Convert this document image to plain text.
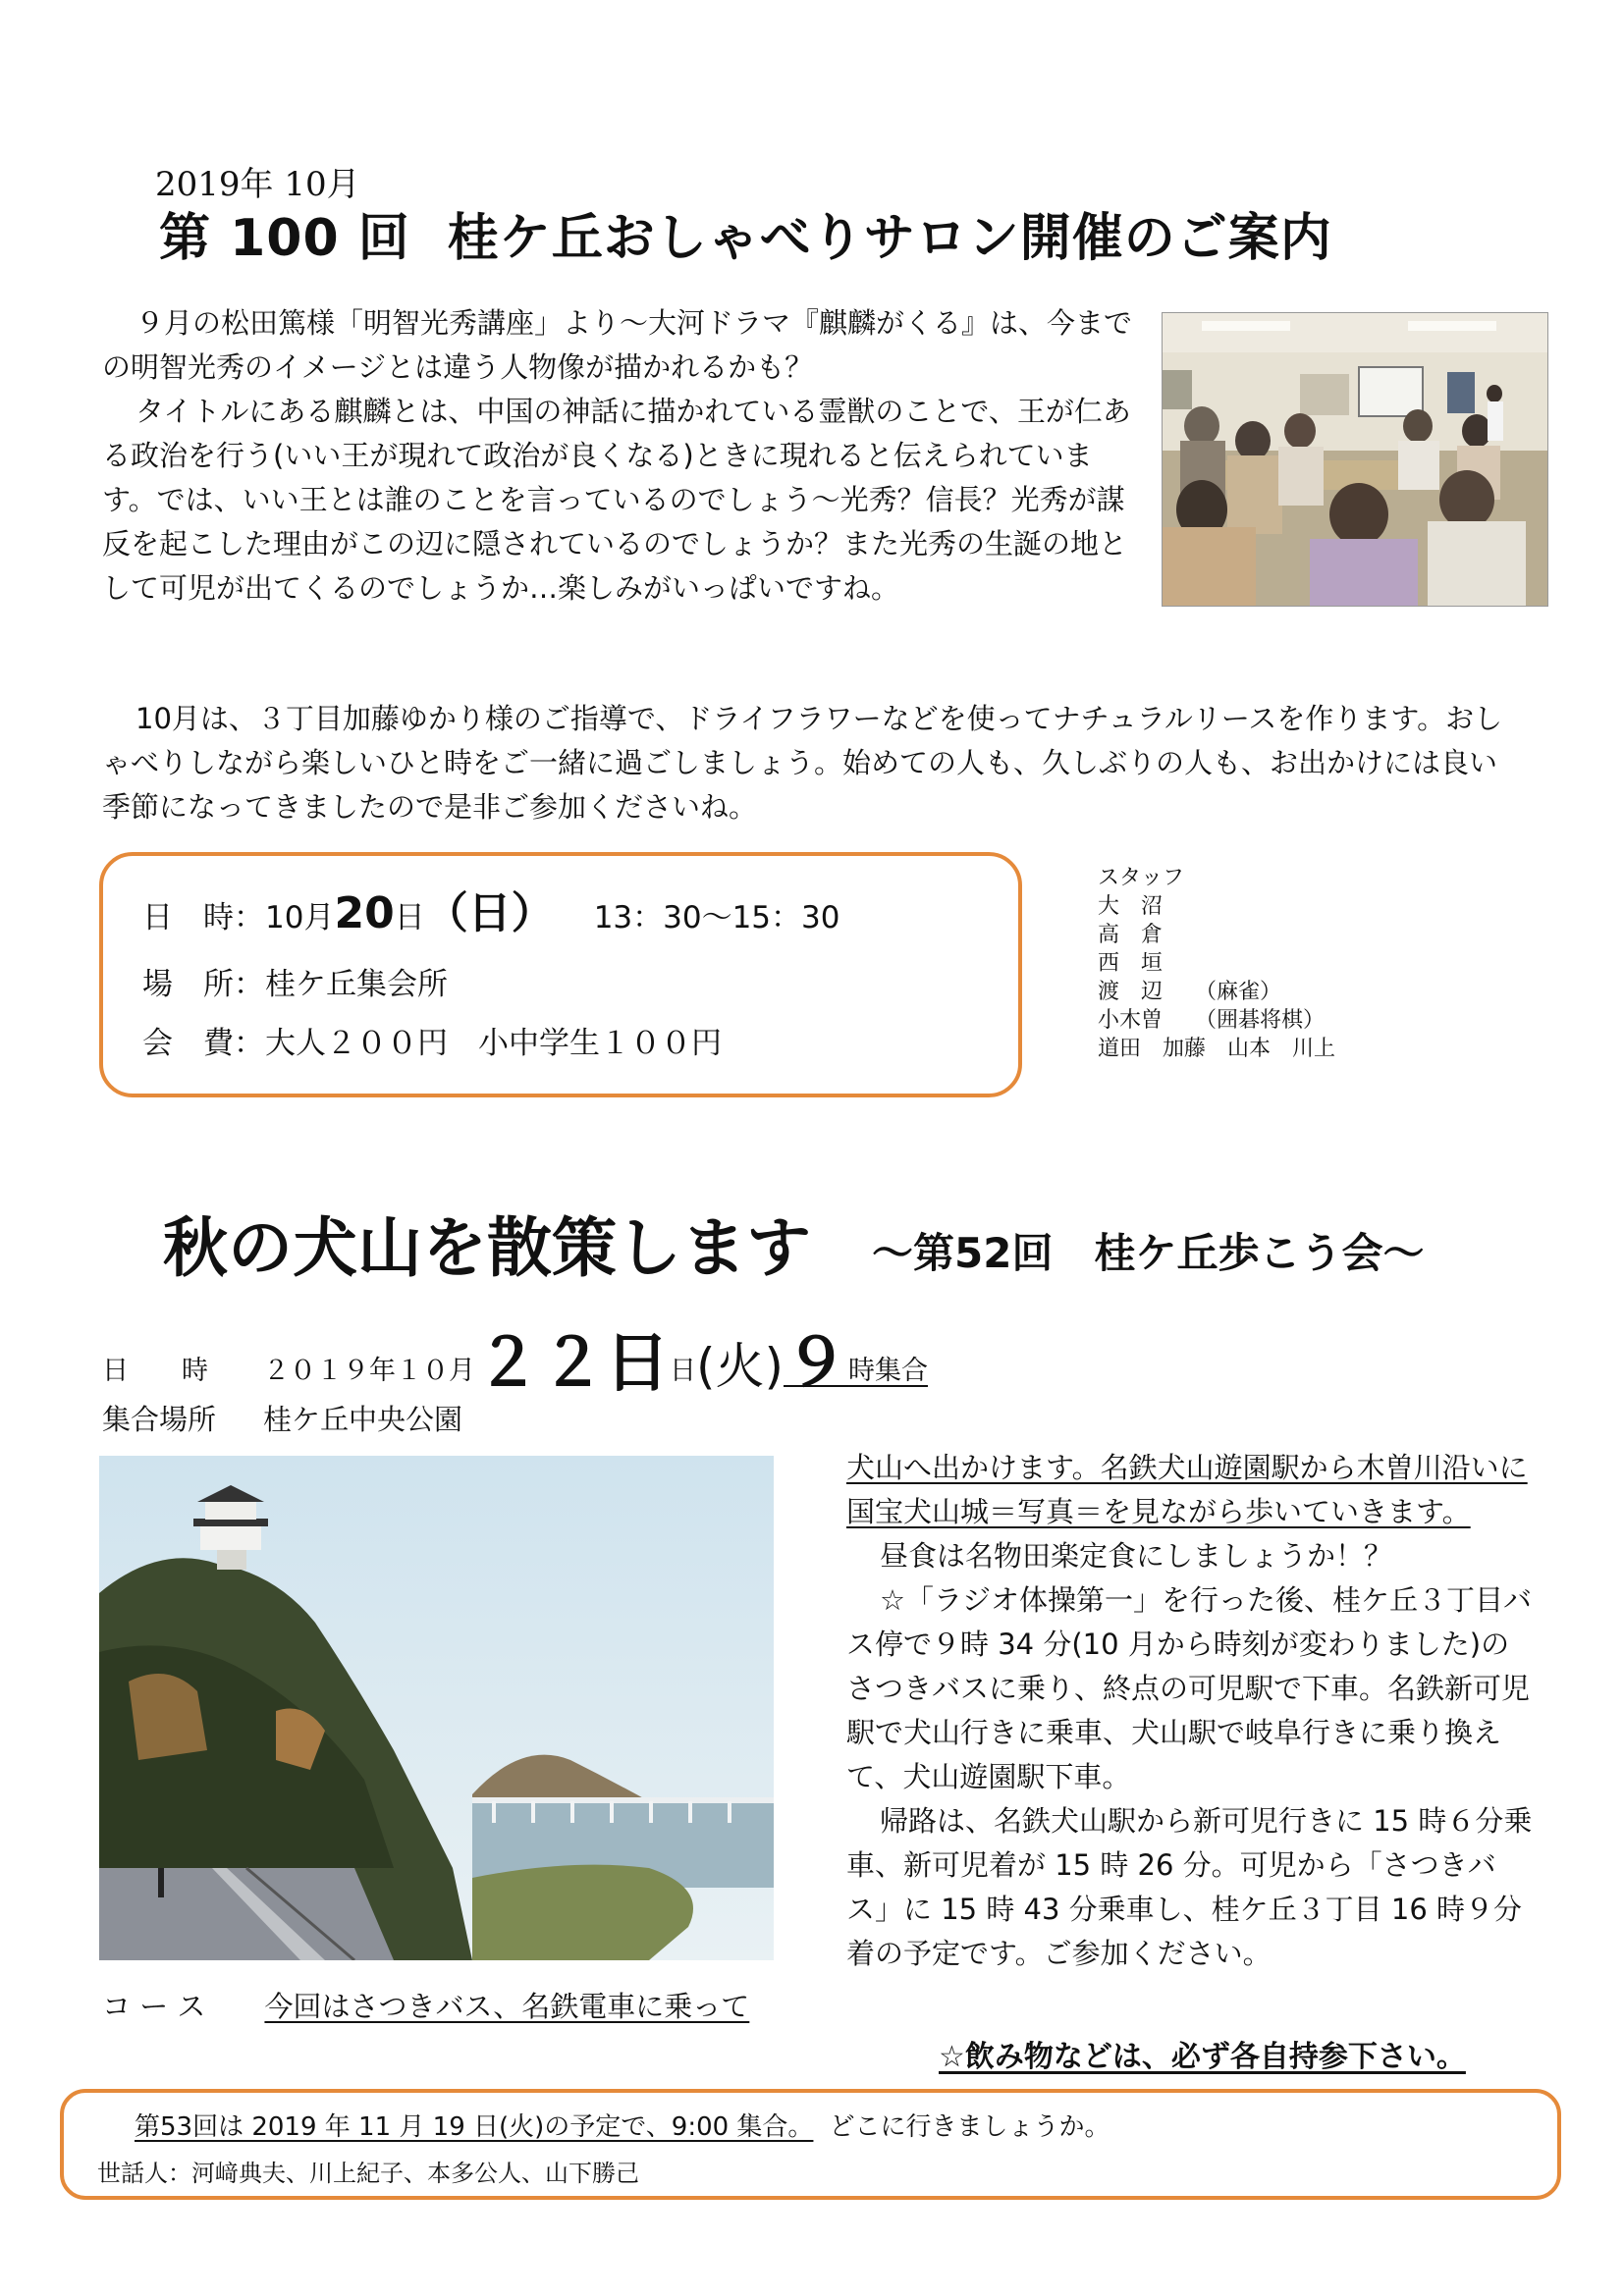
2019年 10月
第 100 回 桂ケ丘おしゃべりサロン開催のご案内

９月の松田篤様「明智光秀講座」より～大河ドラマ『麒麟がくる』は、今までの明智光秀のイメージとは違う人物像が描かれるかも？

タイトルにある麒麟とは、中国の神話に描かれている霊獣のことで、王が仁ある政治を行う(いい王が現れて政治が良くなる)ときに現れると伝えられています。では、いい王とは誰のことを言っているのでしょう～光秀？信長？光秀が謀反を起こした理由がこの辺に隠されているのでしょうか？また光秀の生誕の地として可児が出てくるのでしょうか…楽しみがいっぱいですね。

10月は、３丁目加藤ゆかり様のご指導で、ドライフラワーなどを使ってナチュラルリースを作ります。おしゃべりしながら楽しいひと時をご一緒に過ごしましょう。始めての人も、久しぶりの人も、お出かけには良い季節になってきましたので是非ご参加くださいね。

日　時：10月20日（日） 13：30～15：30
場　所：桂ケ丘集会所
会　費：大人２００円　小中学生１００円
スタッフ
大　沼
高　倉
西　垣
渡　辺　　（麻雀）
小木曽　　（囲碁将棋）
道田　加藤　山本　川上
秋の犬山を散策します ～第52回　桂ケ丘歩こう会～
日　　時 ２０１９年１０月２２日日(火)９時集合
集合場所 桂ケ丘中央公園
コ ー ス 今回はさつきバス、名鉄電車に乗って

犬山へ出かけます。名鉄犬山遊園駅から木曽川沿いに国宝犬山城＝写真＝を見ながら歩いていきます。

昼食は名物田楽定食にしましょうか！？

☆「ラジオ体操第一」を行った後、桂ケ丘３丁目バス停で９時 34 分(10 月から時刻が変わりました)のさつきバスに乗り、終点の可児駅で下車。名鉄新可児駅で犬山行きに乗車、犬山駅で岐阜行きに乗り換えて、犬山遊園駅下車。

帰路は、名鉄犬山駅から新可児行きに 15 時６分乗車、新可児着が 15 時 26 分。可児から「さつきバス」に 15 時 43 分乗車し、桂ケ丘３丁目 16 時９分着の予定です。ご参加ください。

☆飲み物などは、必ず各自持参下さい。
第53回は 2019 年 11 月 19 日(火)の予定で、9:00 集合。 どこに行きましょうか。
世話人：河﨑典夫、川上紀子、本多公人、山下勝己
